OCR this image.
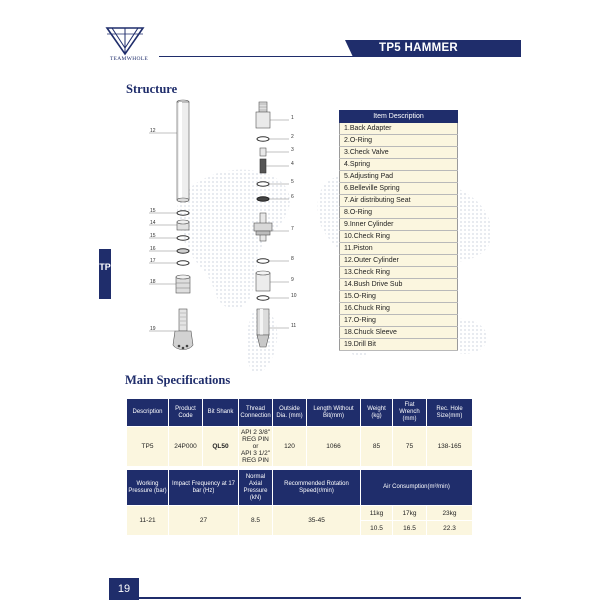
TEAMWHOLE
TP5 HAMMER
TP
Structure
12
15
14
15
16
17
18
19
1
2
3
4
5
6
7
8
9
10
11
Item Description
1.Back Adapter
2.O-Ring
3.Check Valve
4.Spring
5.Adjusting Pad
6.Belleville Spring
7.Air distributing Seat
8.O-Ring
9.Inner Cylinder
10.Check Ring
11.Piston
12.Outer Cylinder
13.Check Ring
14.Bush Drive Sub
15.O-Ring
16.Chuck Ring
17.O-Ring
18.Chuck Sleeve
19.Drill Bit
Main Specifications
Description	Product Code	Bit Shank	Thread Connection	Outside Dia. (mm)	Length Without Bit(mm)	Weight (kg)	Flat Wrench (mm)	Rec. Hole Size(mm)
TP5	24P000	QL50	API 2 3/8"
REG PIN
or
API 3 1/2"
REG PIN	120	1066	85	75	138-165

Working Pressure (bar)	Impact Frequency at 17 bar (Hz)		Normal Axial Pressure (kN)	Recommended Rotation Speed(r/min)		Air Consumption(m³/min)		
11-21	27		8.5	35-45		11kg	17kg	23kg
						10.5	16.5	22.3
19
